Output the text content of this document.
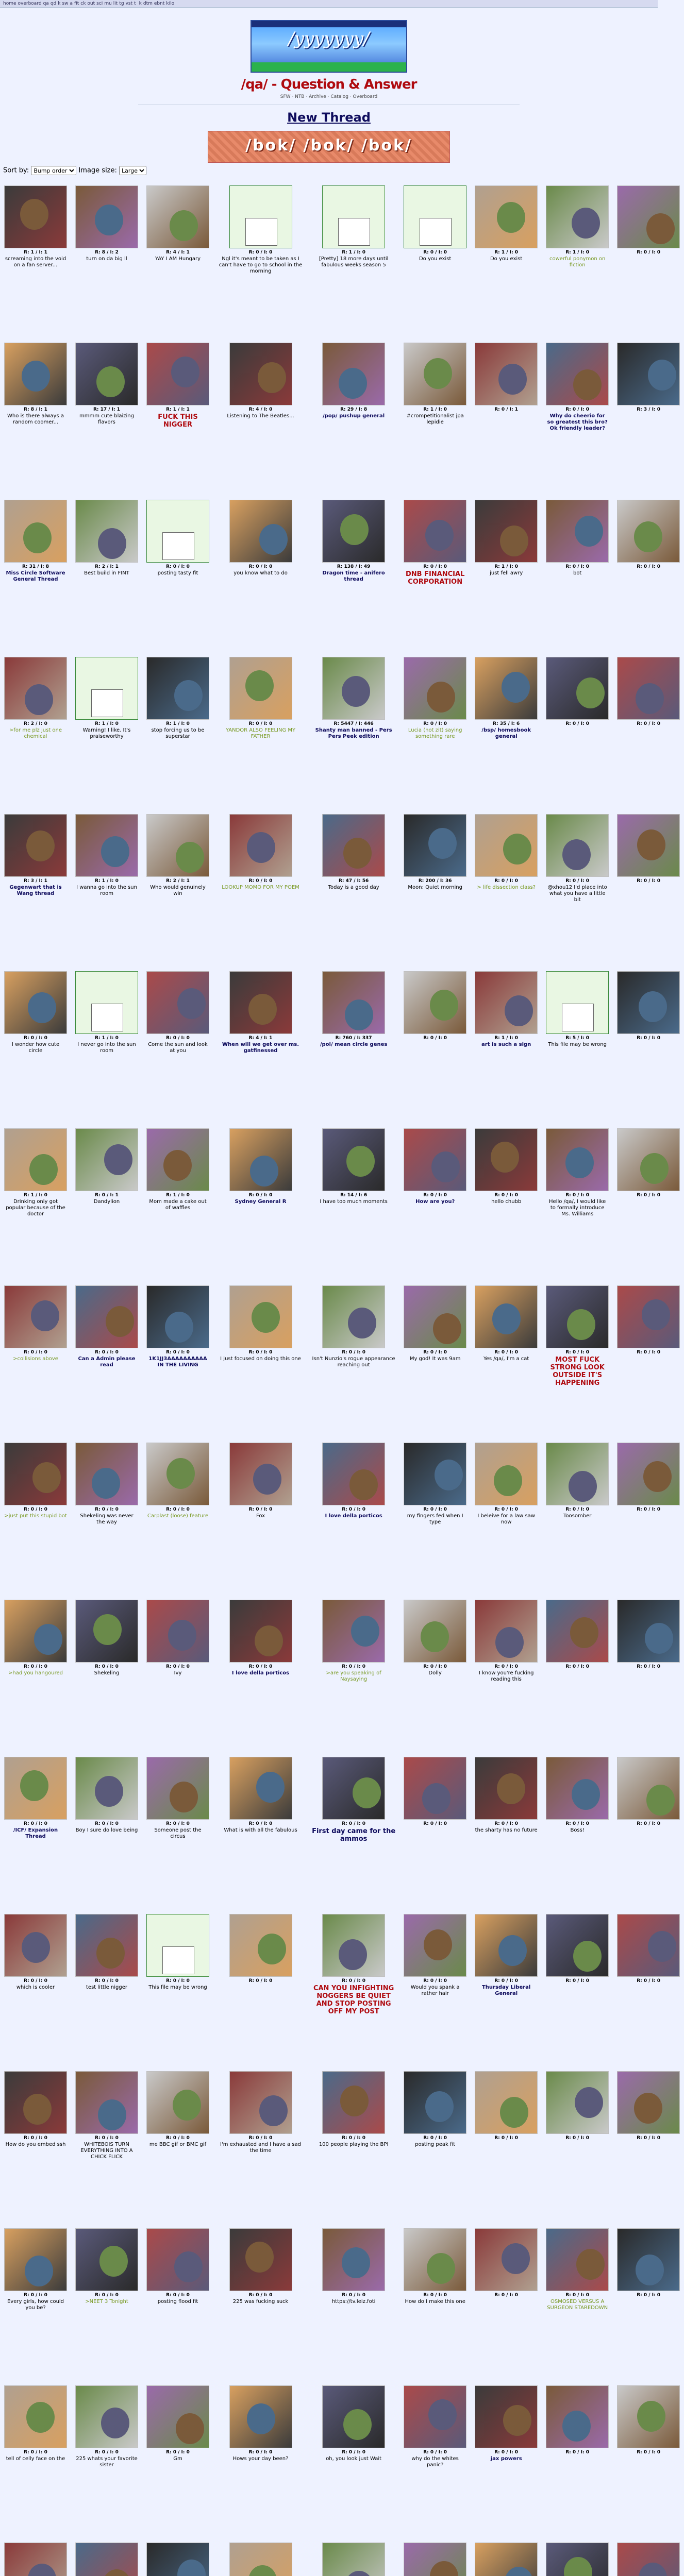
home overboard qa qd k sw a fit ck out sci mu lit tg vst t k dtm ebnt kilo
/yyyyyyy/
/qa/ - Question & Answer
SFW · NTB · Archive · Catalog · Overboard
New Thread
/bok/ /bok/ /bok/
Sort by:
Bump order	Image size:
Large
R: 1 / I: 1
screaming into the void on a fan server...
R: 8 / I: 2
turn on da big ll
R: 4 / I: 1
YAY I AM Hungary
R: 0 / I: 0
Ngl it's meant to be taken as I can't have to go to school in the morning
R: 1 / I: 0
[Pretty] 18 more days until fabulous weeks season 5
R: 0 / I: 0
Do you exist
R: 1 / I: 0
Do you exist
R: 1 / I: 0
cowerful ponymon on fiction
R: 0 / I: 0
R: 8 / I: 1
Who is there always a random coomer...
R: 17 / I: 1
mmmm cute blaizing flavors
R: 1 / I: 1
FUCK THIS NIGGER
R: 4 / I: 0
Listening to The Beatles...
R: 29 / I: 8
/pop/ pushup general
R: 1 / I: 0
#crompetitionalist jpa lepidie
R: 0 / I: 1	R: 0 / I: 0
Why do cheerio for so greatest this bro? Ok friendly leader?
R: 3 / I: 0
R: 31 / I: 8
Miss Circle Software General Thread
R: 2 / I: 1
Best build in FINT
R: 0 / I: 0
posting tasty fit
R: 0 / I: 0
you know what to do
R: 138 / I: 49
Dragon time - anifero thread
R: 0 / I: 0
DNB FINANCIAL CORPORATION
R: 1 / I: 0
just fell awry
R: 0 / I: 0
bot
R: 0 / I: 0
R: 2 / I: 0
>for me plz just one chemical
R: 1 / I: 0
Warning! I like. It's praiseworthy
R: 1 / I: 0
stop forcing us to be superstar
R: 0 / I: 0
YANDOR ALSO FEELING MY FATHER
R: 5447 / I: 446
Shanty man banned - Pers Pers Peek edition
R: 0 / I: 0
Lucia (hot zit) saying something rare
R: 35 / I: 6
/bsp/ homesbook general
R: 0 / I: 0	R: 0 / I: 0
R: 3 / I: 1
Gegenwart that is Wang thread
R: 1 / I: 0
I wanna go into the sun room
R: 2 / I: 1
Who would genuinely win
R: 0 / I: 0
LOOKUP MOMO FOR MY POEM
R: 47 / I: 56
Today is a good day
R: 200 / I: 36
Moon: Quiet morning
R: 0 / I: 0
> life dissection class?
R: 0 / I: 0
@xhou12 I'd place into what you have a little bit
R: 0 / I: 0
R: 0 / I: 0
I wonder how cute circle
R: 1 / I: 0
I never go into the sun room
R: 0 / I: 0
Come the sun and look at you
R: 4 / I: 1
When will we get over ms. gatfinessed
R: 760 / I: 337
/pol/ mean circle genes
R: 0 / I: 0	R: 1 / I: 0
art is such a sign
R: 5 / I: 0
This file may be wrong
R: 0 / I: 0
R: 1 / I: 0
Drinking only got popular because of the doctor
R: 0 / I: 1
Dandylion
R: 1 / I: 0
Mom made a cake out of waffles
R: 0 / I: 0
Sydney General R
R: 14 / I: 6
I have too much moments
R: 0 / I: 0
How are you?
R: 0 / I: 0
hello chubb
R: 0 / I: 0
Hello /qa/, I would like to formally introduce Ms. Williams
R: 0 / I: 0
R: 0 / I: 0
>collisions above
R: 0 / I: 0
Can a Admin please read
R: 0 / I: 0
1K1JJ3AAAAAAAAAA IN THE LIVING
R: 0 / I: 0
I just focused on doing this one
R: 0 / I: 0
Isn't Nunzio's rogue appearance reaching out
R: 0 / I: 0
My god! It was 9am
R: 0 / I: 0
Yes /qa/, I'm a cat
R: 0 / I: 0
MOST FUCK STRONG LOOK OUTSIDE IT'S HAPPENING
R: 0 / I: 0
R: 0 / I: 0
>just put this stupid bot
R: 0 / I: 0
Shekeling was never the way
R: 0 / I: 0
Carplast (loose) feature
R: 0 / I: 0
Fox
R: 0 / I: 0
I love della porticos
R: 0 / I: 0
my fingers fed when I type
R: 0 / I: 0
I beleive for a law saw now
R: 0 / I: 0
Toosomber
R: 0 / I: 0
R: 0 / I: 0
>had you hangoured
R: 0 / I: 0
Shekeling
R: 0 / I: 0
Ivy
R: 0 / I: 0
I love della porticos
R: 0 / I: 0
>are you speaking of Naysaying
R: 0 / I: 0
Dolly
R: 0 / I: 0
I know you're fucking reading this
R: 0 / I: 0	R: 0 / I: 0
R: 0 / I: 0
/ICF/ Expansion Thread
R: 0 / I: 0
Boy I sure do love being
R: 0 / I: 0
Someone post the circus
R: 0 / I: 0
What is with all the fabulous
R: 0 / I: 0
First day came for the ammos
R: 0 / I: 0	R: 0 / I: 0
the sharty has no future
R: 0 / I: 0
Boss!
R: 0 / I: 0
R: 0 / I: 0
which is cooler
R: 0 / I: 0
test little nigger
R: 0 / I: 0
This file may be wrong
R: 0 / I: 0	R: 0 / I: 0
CAN YOU INFIGHTING NOGGERS BE QUIET AND STOP POSTING OFF MY POST
R: 0 / I: 0
Would you spank a rather hair
R: 0 / I: 0
Thursday Liberal General
R: 0 / I: 0	R: 0 / I: 0
R: 0 / I: 0
How do you embed ssh
R: 0 / I: 0
WHITEBOIS TURN EVERYTHING INTO A CHICK FLICK
R: 0 / I: 0
me BBC gif or BMC gif
R: 0 / I: 0
I'm exhausted and I have a sad the time
R: 0 / I: 0
100 people playing the BPI
R: 0 / I: 0
posting peak fit
R: 0 / I: 0	R: 0 / I: 0	R: 0 / I: 0
R: 0 / I: 0
Every girls, how could you be?
R: 0 / I: 0
>NEET 3 Tonight
R: 0 / I: 0
posting flood fit
R: 0 / I: 0
225 was fucking suck
R: 0 / I: 0
https://tv.leiz.foti
R: 0 / I: 0
How do I make this one
R: 0 / I: 0	R: 0 / I: 0
OSMOSED VERSUS A SURGEON STAREDOWN
R: 0 / I: 0
R: 0 / I: 0
tell of celly face on the
R: 0 / I: 0
225 whats your favorite sister
R: 0 / I: 0
Gm
R: 0 / I: 0
Hows your day been?
R: 0 / I: 0
oh, you look just Wait
R: 0 / I: 0
why do the whites panic?
R: 0 / I: 0
jax powers
R: 0 / I: 0	R: 0 / I: 0
